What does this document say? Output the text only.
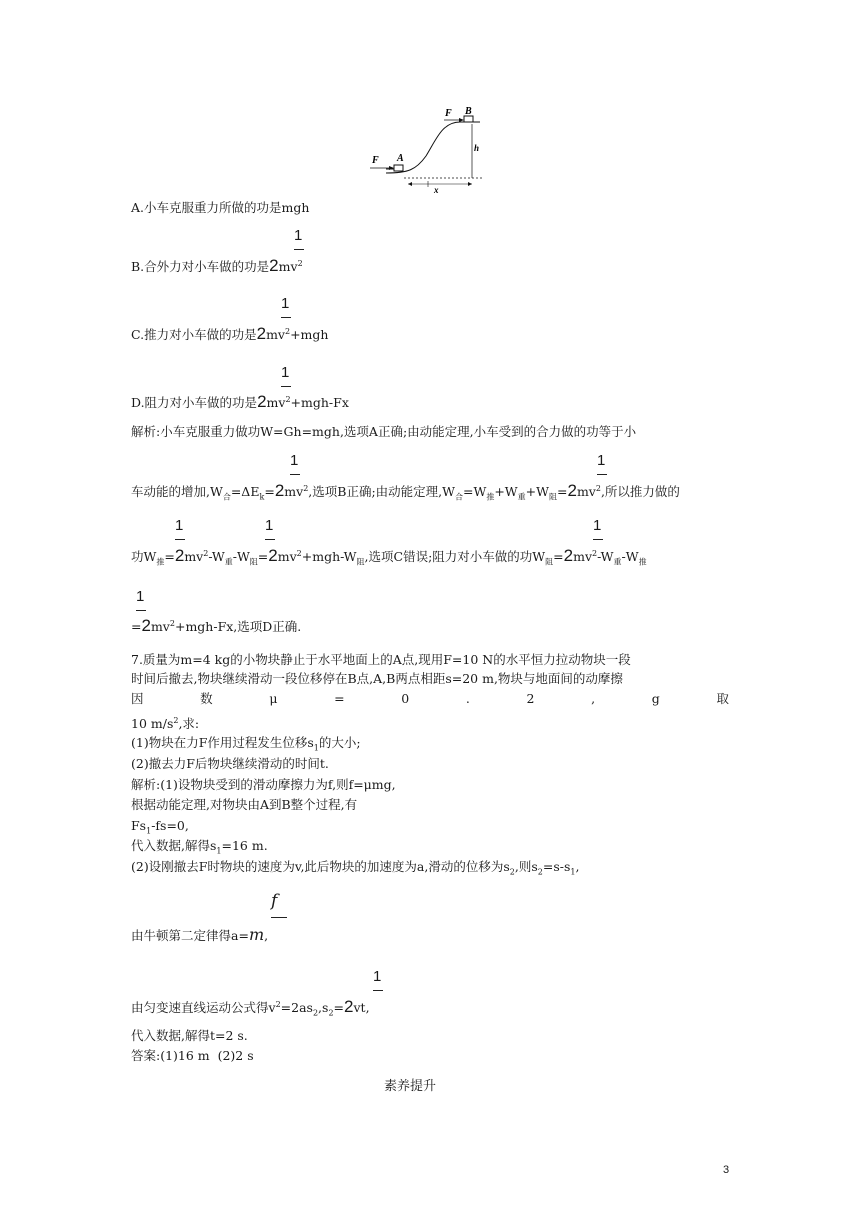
F A
F B
h
x
A.小车克服重力所做的功是mgh
1
B.合外力对小车做的功是$2mv^2$
1
C.推力对小车做的功是$2mv^2+mgh$
1
D.阻力对小车做的功是$2mv^2+mgh-Fx$
解析:小车克服重力做功W=Gh=mgh,选项A正确;由动能定理,小车受到的合力做的功等于小
1	1
车动能的增加$,W_合=\Delta E_k=2mv^2$,选项B正确;由动能定理$,W_合=W_推+W_重+W_阻=2mv^2$,所以推力做的
1	1	1
功$W_推=2mv^2-W_重-W_阻=2mv^2+mgh-W_阻$,选项C错误;阻力对小车做的功$W_阻=2mv^2-W_重-W_推$
1
$=2mv^2+mgh-Fx$,选项D正确.
7.质量为m=4 kg的小物块静止于水平地面上的A点,现用F=10 N的水平恒力拉动物块一段
时间后撤去,物块继续滑动一段位移停在B点,A,B两点相距s=20 m,物块与地面间的动摩擦
因	数	μ	=	0	.	2	,	g	取
10 $m/s^2$,求:
(1)物块在力F作用过程发生位移$s_1$的大小;
(2)撤去力F后物块继续滑动的时间t.
解析:(1)设物块受到的滑动摩擦力为f,则f=μmg,
根据动能定理,对物块由A到B整个过程,有
$Fs_1-fs=0$,
代入数据,解得$s_1=16$ m.
(2)设刚撤去F时物块的速度为v,此后物块的加速度为a,滑动的位移为$s_2$,则$s_2=s-s_1$,
f
由牛顿第二定律得a=m,
1
由匀变速直线运动公式得$v^2=2as_2,s_2=2vt$,
代入数据,解得t=2 s.
答案:(1)16 m  (2)2 s
素养提升
3
